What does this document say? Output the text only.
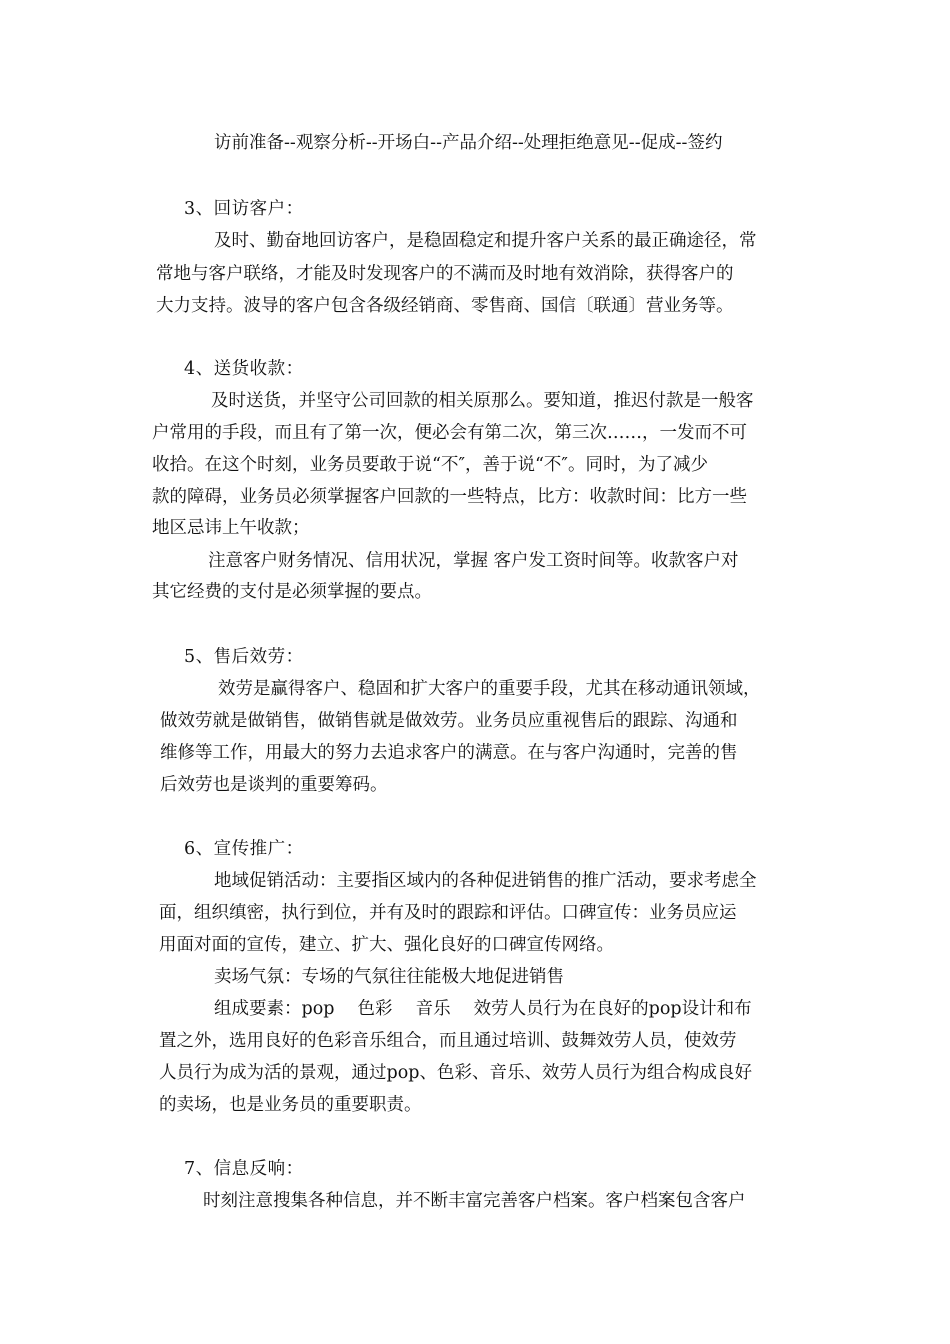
访前准备--观察分析--开场白--产品介绍--处理拒绝意见--促成--签约
3、回访客户：
及时、勤奋地回访客户，是稳固稳定和提升客户关系的最正确途径，常
常地与客户联络，才能及时发现客户的不满而及时地有效消除，获得客户的
大力支持。波导的客户包含各级经销商、零售商、国信〔联通〕营业务等。
4、送货收款：
及时送货，并坚守公司回款的相关原那么。要知道，推迟付款是一般客
户常用的手段，而且有了第一次，便必会有第二次，第三次……，一发而不可
收拾。在这个时刻，业务员要敢于说“不″，善于说“不″。同时，为了减少
款的障碍，业务员必须掌握客户回款的一些特点，比方：收款时间：比方一些
地区忌讳上午收款；
注意客户财务情况、信用状况，掌握 客户发工资时间等。收款客户对
其它经费的支付是必须掌握的要点。
5、售后效劳：
效劳是赢得客户、稳固和扩大客户的重要手段，尤其在移动通讯领域，
做效劳就是做销售，做销售就是做效劳。业务员应重视售后的跟踪、沟通和
维修等工作，用最大的努力去追求客户的满意。在与客户沟通时，完善的售
后效劳也是谈判的重要筹码。
6、宣传推广：
地域促销活动：主要指区域内的各种促进销售的推广活动，要求考虑全
面，组织缜密，执行到位，并有及时的跟踪和评估。口碑宣传：业务员应运
用面对面的宣传，建立、扩大、强化良好的口碑宣传网络。
卖场气氛：专场的气氛往往能极大地促进销售
组成要素：pop　 色彩　 音乐　 效劳人员行为在良好的pop设计和布
置之外，选用良好的色彩音乐组合，而且通过培训、鼓舞效劳人员，使效劳
人员行为成为活的景观，通过pop、色彩、音乐、效劳人员行为组合构成良好
的卖场，也是业务员的重要职责。
7、信息反响：
时刻注意搜集各种信息，并不断丰富完善客户档案。客户档案包含客户
